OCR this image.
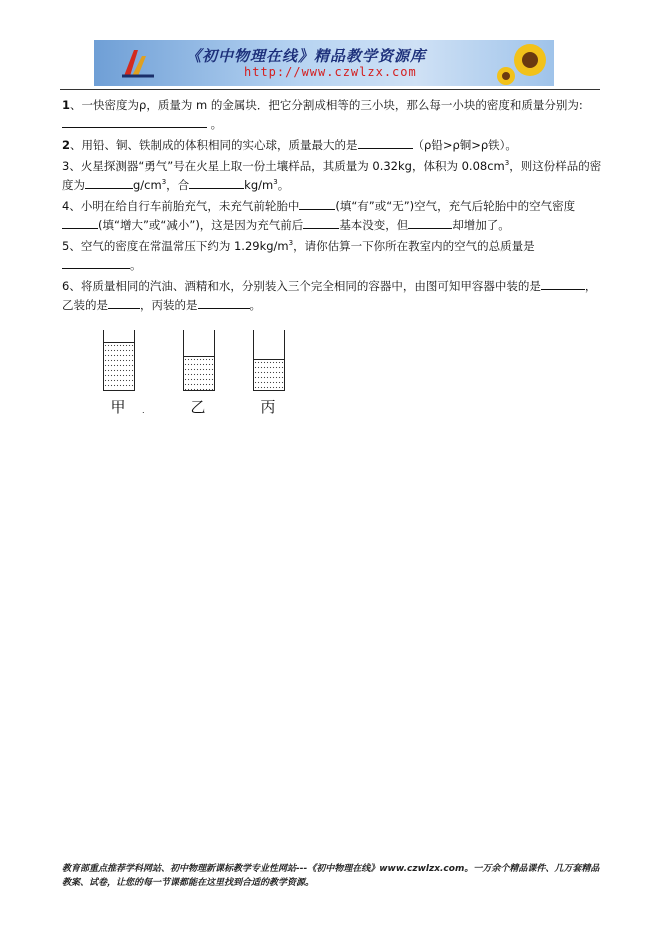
《初中物理在线》精品教学资源库
http://www.czwlzx.com

1、一快密度为ρ，质量为 m 的金属块．把它分割成相等的三小块，那么每一小块的密度和质量分别为:  。

2、用铅、铜、铁制成的体积相同的实心球，质量最大的是	（ρ铅>ρ铜>ρ铁）。

3、火星探测器“勇气”号在火星上取一份土壤样品，其质量为 0.32kg，体积为 $0.08cm^3$，则这份样品的密度为	$g/cm^3$，合	$kg/m^3$。

4、小明在给自行车前胎充气，未充气前轮胎中	(填“有”或“无”)空气，充气后轮胎中的空气密度(填“增大”或“减小”)，这是因为充气前后	基本没变，但	却增加了。

5、空气的密度在常温常压下约为 $1.29kg/m^3$，请你估算一下你所在教室内的空气的总质量是。

6、将质量相同的汽油、酒精和水，分别装入三个完全相同的容器中，由图可知甲容器中装的是	，乙装的是	，丙装的是	。

甲	.	乙	丙
教育部重点推荐学科网站、初中物理新课标教学专业性网站---《初中物理在线》www.czwlzx.com。一万余个精品课件、几万套精品教案、试卷，让您的每一节课都能在这里找到合适的教学资源。
